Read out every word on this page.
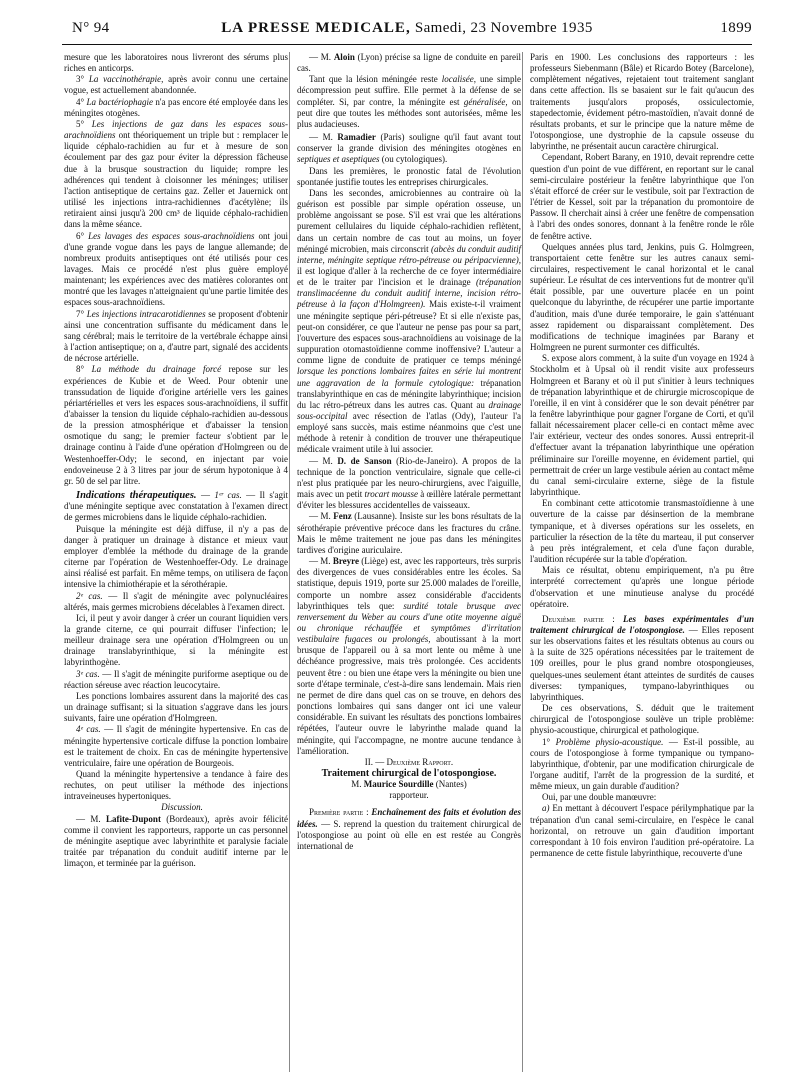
N° 94	LA PRESSE MEDICALE, Samedi, 23 Novembre 1935	1899

mesure que les laboratoires nous livreront des sérums plus riches en anticorps.

3° La vaccinothérapie, après avoir connu une certaine vogue, est actuellement abandonnée.

4° La bactériophagie n'a pas encore été employée dans les méningites otogènes.

5° Les injections de gaz dans les espaces sous-arachnoïdiens ont théoriquement un triple but : remplacer le liquide céphalo-rachidien au fur et à mesure de son écoulement par des gaz pour éviter la dépression fâcheuse due à la brusque soustraction du liquide; rompre les adhérences qui tendent à cloisonner les méninges; utiliser l'action antiseptique de certains gaz. Zeller et Jauernick ont utilisé les injections intra-rachidiennes d'acétylène; ils retiraient ainsi jusqu'à 200 cm³ de liquide céphalo-rachidien dans la même séance.

6° Les lavages des espaces sous-arachnoïdiens ont joui d'une grande vogue dans les pays de langue allemande; de nombreux produits antiseptiques ont été utilisés pour ces lavages. Mais ce procédé n'est plus guère employé maintenant; les expériences avec des matières colorantes ont montré que les lavages n'atteignaient qu'une partie limitée des espaces sous-arachnoïdiens.

7° Les injections intracarotidiennes se proposent d'obtenir ainsi une concentration suffisante du médicament dans le sang cérébral; mais le territoire de la vertébrale échappe ainsi à l'action antiseptique; on a, d'autre part, signalé des accidents de nécrose artérielle.

8° La méthode du drainage forcé repose sur les expériences de Kubie et de Weed. Pour obtenir une transsudation de liquide d'origine artérielle vers les gaines périartérielles et vers les espaces sous-arachnoïdiens, il suffit d'abaisser la tension du liquide céphalo-rachidien au-dessous de la pression atmosphérique et d'abaisser la tension osmotique du sang; le premier facteur s'obtient par le drainage continu à l'aide d'une opération d'Holmgreen ou de Westenhoeffer-Ody; le second, en injectant par voie endoveineuse 2 à 3 litres par jour de sérum hypotonique à 4 gr. 50 de sel par litre.

Indications thérapeutiques. — 1ᵉʳ cas. — Il s'agit d'une méningite septique avec constatation à l'examen direct de germes microbiens dans le liquide céphalo-rachidien.

Puisque la méningite est déjà diffuse, il n'y a pas de danger à pratiquer un drainage à distance et mieux vaut employer d'emblée la méthode du drainage de la grande citerne par l'opération de Westenhoeffer-Ody. Le drainage ainsi réalisé est parfait. En même temps, on utilisera de façon intensive la chimiothérapie et la sérothérapie.

2ᵉ cas. — Il s'agit de méningite avec polynucléaires altérés, mais germes microbiens décelables à l'examen direct.

Ici, il peut y avoir danger à créer un courant liquidien vers la grande citerne, ce qui pourrait diffuser l'infection; le meilleur drainage sera une opération d'Holmgreen ou un drainage translabyrinthique, si la méningite est labyrinthogène.

3ᵉ cas. — Il s'agit de méningite puriforme aseptique ou de réaction séreuse avec réaction leucocytaire.

Les ponctions lombaires assurent dans la majorité des cas un drainage suffisant; si la situation s'aggrave dans les jours suivants, faire une opération d'Holmgreen.

4ᵉ cas. — Il s'agit de méningite hypertensive. En cas de méningite hypertensive corticale diffuse la ponction lombaire est le traitement de choix. En cas de méningite hypertensive ventriculaire, faire une opération de Bourgeois.

Quand la méningite hypertensive a tendance à faire des rechutes, on peut utiliser la méthode des injections intraveineuses hypertoniques.

Discussion.

— M. Lafite-Dupont (Bordeaux), après avoir félicité comme il convient les rapporteurs, rapporte un cas personnel de méningite aseptique avec labyrinthite et paralysie faciale traitée par trépanation du conduit auditif interne par le limaçon, et terminée par la guérison.

— M. Aloin (Lyon) précise sa ligne de conduite en pareil cas.

Tant que la lésion méningée reste localisée, une simple décompression peut suffire. Elle permet à la défense de se compléter. Si, par contre, la méningite est généralisée, on peut dire que toutes les méthodes sont autorisées, même les plus audacieuses.

— M. Ramadier (Paris) souligne qu'il faut avant tout conserver la grande division des méningites otogènes en septiques et aseptiques (ou cytologiques).

Dans les premières, le pronostic fatal de l'évolution spontanée justifie toutes les entreprises chirurgicales.

Dans les secondes, amicrobiennes au contraire où la guérison est possible par simple opération osseuse, un problème angoissant se pose. S'il est vrai que les altérations purement cellulaires du liquide céphalo-rachidien reflètent, dans un certain nombre de cas tout au moins, un foyer méningé microbien, mais circonscrit (abcès du conduit auditif interne, méningite septique rétro-pétreuse ou péripacvienne), il est logique d'aller à la recherche de ce foyer intermédiaire et de le traiter par l'incision et le drainage (trépanation translimacéenne du conduit auditif interne, incision rétro-pétreuse à la façon d'Holmgreen). Mais existe-t-il vraiment une méningite septique péri-pétreuse? Et si elle n'existe pas, peut-on considérer, ce que l'auteur ne pense pas pour sa part, l'ouverture des espaces sous-arachnoïdiens au voisinage de la suppuration otomastoïdienne comme inoffensive? L'auteur a comme ligne de conduite de pratiquer ce temps méningé lorsque les ponctions lombaires faites en série lui montrent une aggravation de la formule cytologique: trépanation translabyrinthique en cas de méningite labyrinthique; incision du lac rétro-pétreux dans les autres cas. Quant au drainage sous-occipital avec résection de l'atlas (Ody), l'auteur l'a employé sans succès, mais estime néanmoins que c'est une méthode à retenir à condition de trouver une thérapeutique médicale vraiment utile à lui associer.

— M. D. de Sanson (Rio-de-Janeiro). A propos de la technique de la ponction ventriculaire, signale que celle-ci n'est plus pratiquée par les neuro-chirurgiens, avec l'aiguille, mais avec un petit trocart mousse à œillère latérale permettant d'éviter les blessures accidentelles de vaisseaux.

— M. Fenz (Lausanne). Insiste sur les bons résultats de la sérothérapie préventive précoce dans les fractures du crâne. Mais le même traitement ne joue pas dans les méningites tardives d'origine auriculaire.

— M. Breyre (Liège) est, avec les rapporteurs, très surpris des divergences de vues considérables entre les écoles. Sa statistique, depuis 1919, porte sur 25.000 malades de l'oreille, comporte un nombre assez considérable d'accidents labyrinthiques tels que: surdité totale brusque avec renversement du Weber au cours d'une otite moyenne aiguë ou chronique réchauffée et symptômes d'irritation vestibulaire fugaces ou prolongés, aboutissant à la mort brusque de l'appareil ou à sa mort lente ou même à une déchéance progressive, mais très prolongée. Ces accidents peuvent être : ou bien une étape vers la méningite ou bien une sorte d'étape terminale, c'est-à-dire sans lendemain. Mais rien ne permet de dire dans quel cas on se trouve, en dehors des ponctions lombaires qui sans danger ont ici une valeur considérable. En suivant les résultats des ponctions lombaires répétées, l'auteur ouvre le labyrinthe malade quand la méningite, qui l'accompagne, ne montre aucune tendance à l'amélioration.

II. — Deuxième Rapport.

Traitement chirurgical de l'otospongiose.

M. Maurice Sourdille (Nantes)

rapporteur.

Première partie : Enchaînement des faits et évolution des idées. — S. reprend la question du traitement chirurgical de l'otospongiose au point où elle en est restée au Congrès international de

Paris en 1900. Les conclusions des rapporteurs : les professeurs Siebenmann (Bâle) et Ricardo Botey (Barcelone), complètement négatives, rejetaient tout traitement sanglant dans cette affection. Ils se basaient sur le fait qu'aucun des traitements jusqu'alors proposés, ossiculectomie, stapedectomie, évidement pétro-mastoïdien, n'avait donné de résultats probants, et sur le principe que la nature même de l'otospongiose, une dystrophie de la capsule osseuse du labyrinthe, ne présentait aucun caractère chirurgical.

Cependant, Robert Barany, en 1910, devait reprendre cette question d'un point de vue différent, en reportant sur le canal semi-circulaire postérieur la fenêtre labyrinthique que l'on s'était efforcé de créer sur le vestibule, soit par l'extraction de l'étrier de Kessel, soit par la trépanation du promontoire de Passow. Il cherchait ainsi à créer une fenêtre de compensation à l'abri des ondes sonores, donnant à la fenêtre ronde le rôle de fenêtre active.

Quelques années plus tard, Jenkins, puis G. Holmgreen, transportaient cette fenêtre sur les autres canaux semi-circulaires, respectivement le canal horizontal et le canal supérieur. Le résultat de ces interventions fut de montrer qu'il était possible, par une ouverture placée en un point quelconque du labyrinthe, de récupérer une partie importante d'audition, mais d'une durée temporaire, le gain s'atténuant assez rapidement ou disparaissant complètement. Des modifications de technique imaginées par Barany et Holmgreen ne purent surmonter ces difficultés.

S. expose alors comment, à la suite d'un voyage en 1924 à Stockholm et à Upsal où il rendit visite aux professeurs Holmgreen et Barany et où il put s'initier à leurs techniques de trépanation labyrinthique et de chirurgie microscopique de l'oreille, il en vint à considérer que le son devait pénétrer par la fenêtre labyrinthique pour gagner l'organe de Corti, et qu'il fallait nécessairement placer celle-ci en contact même avec l'air extérieur, vecteur des ondes sonores. Aussi entreprit-il d'effectuer avant la trépanation labyrinthique une opération préliminaire sur l'oreille moyenne, en évidement partiel, qui permettrait de créer un large vestibule aérien au contact même du canal semi-circulaire externe, siège de la fistule labyrinthique.

En combinant cette atticotomie transmastoïdienne à une ouverture de la caisse par désinsertion de la membrane tympanique, et à diverses opérations sur les osselets, en particulier la résection de la tête du marteau, il put conserver à peu près intégralement, et cela d'une façon durable, l'audition récupérée sur la table d'opération.

Mais ce résultat, obtenu empiriquement, n'a pu être interprété correctement qu'après une longue période d'observation et une minutieuse analyse du procédé opératoire.

Deuxième partie : Les bases expérimentales d'un traitement chirurgical de l'otospongiose. — Elles reposent sur les observations faites et les résultats obtenus au cours ou à la suite de 325 opérations nécessitées par le traitement de 109 oreilles, pour le plus grand nombre otospongieuses, quelques-unes seulement étant atteintes de surdités de causes diverses: tympaniques, tympano-labyrinthiques ou labyrinthiques.

De ces observations, S. déduit que le traitement chirurgical de l'otospongiose soulève un triple problème: physio-acoustique, chirurgical et pathologique.

1° Problème physio-acoustique. — Est-il possible, au cours de l'otospongiose à forme tympanique ou tympano-labyrinthique, d'obtenir, par une modification chirurgicale de l'organe auditif, l'arrêt de la progression de la surdité, et même mieux, un gain durable d'audition?

Oui, par une double manœuvre:

a) En mettant à découvert l'espace périlymphatique par la trépanation d'un canal semi-circulaire, en l'espèce le canal horizontal, on retrouve un gain d'audition important correspondant à 10 fois environ l'audition pré-opératoire. La permanence de cette fistule labyrinthique, recouverte d'une
